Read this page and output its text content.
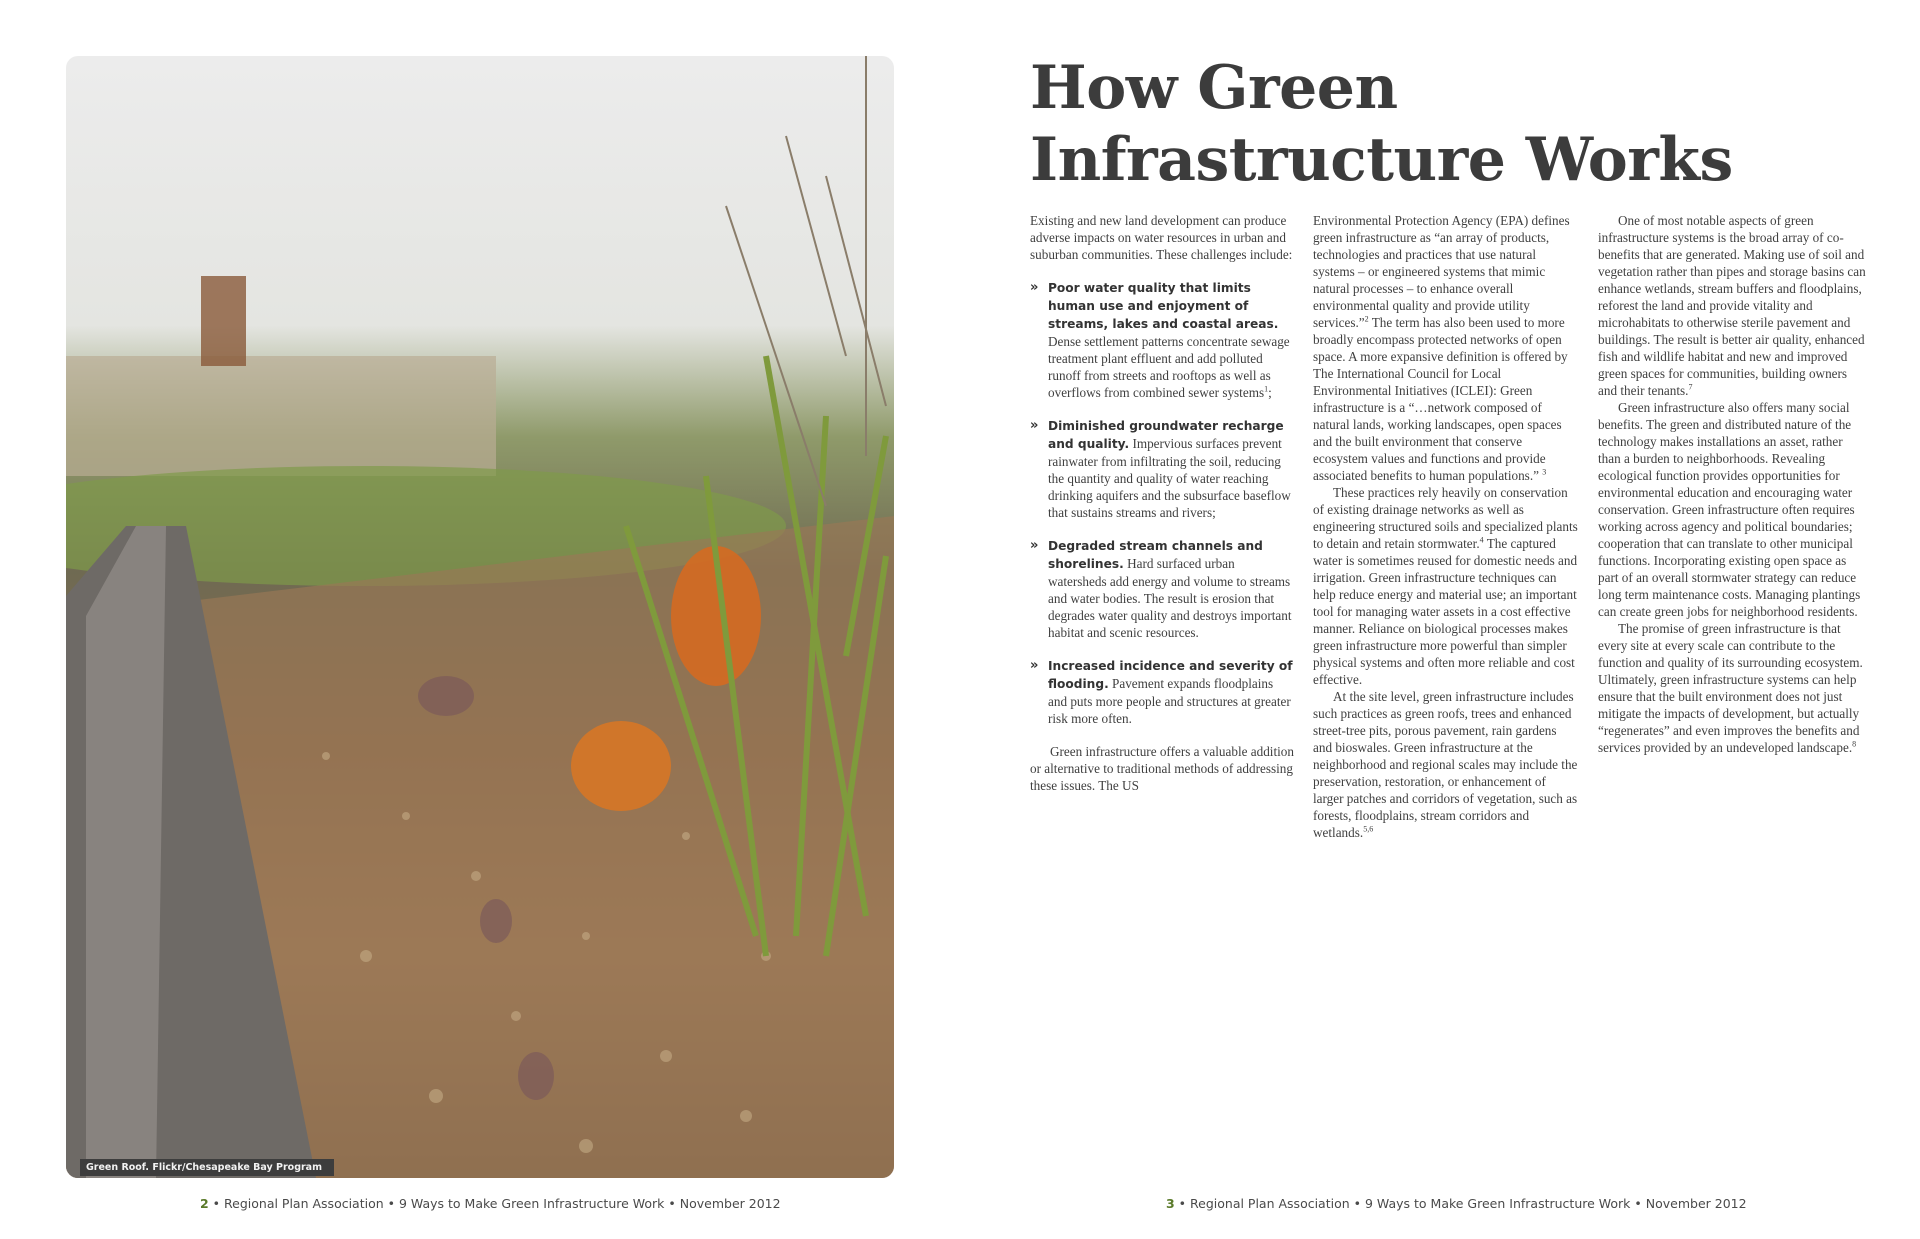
Green Roof. Flickr/Chesapeake Bay Program
How Green Infrastructure Works

Existing and new land development can produce adverse impacts on water resources in urban and suburban communities. These challenges include:

» Poor water quality that limits human use and enjoyment of streams, lakes and coastal areas. Dense settlement patterns concentrate sewage treatment plant effluent and add polluted runoff from streets and rooftops as well as overflows from combined sewer systems$^1$;
» Diminished groundwater recharge and quality. Impervious surfaces prevent rainwater from infiltrating the soil, reducing the quantity and quality of water reaching drinking aquifers and the subsurface baseflow that sustains streams and rivers;
» Degraded stream channels and shorelines. Hard surfaced urban watersheds add energy and volume to streams and water bodies. The result is erosion that degrades water quality and destroys important habitat and scenic resources.
» Increased incidence and severity of flooding. Pavement expands floodplains and puts more people and structures at greater risk more often.

Green infrastructure offers a valuable addition or alternative to traditional methods of addressing these issues. The US

Environmental Protection Agency (EPA) defines green infrastructure as “an array of products, technologies and practices that use natural systems – or engineered systems that mimic natural processes – to enhance overall environmental quality and provide utility services.”$^2$ The term has also been used to more broadly encompass protected networks of open space. A more expansive definition is offered by The International Council for Local Environmental Initiatives (ICLEI): Green infrastructure is a “…network composed of natural lands, working landscapes, open spaces and the built environment that conserve ecosystem values and functions and provide associated benefits to human populations.” $^3$

These practices rely heavily on conservation of existing drainage networks as well as engineering structured soils and specialized plants to detain and retain stormwater.$^4$ The captured water is sometimes reused for domestic needs and irrigation. Green infrastructure techniques can help reduce energy and material use; an important tool for managing water assets in a cost effective manner. Reliance on biological processes makes green infrastructure more powerful than simpler physical systems and often more reliable and cost effective.

At the site level, green infrastructure includes such practices as green roofs, trees and enhanced street-tree pits, porous pavement, rain gardens and bioswales. Green infrastructure at the neighborhood and regional scales may include the preservation, restoration, or enhancement of larger patches and corridors of vegetation, such as forests, floodplains, stream corridors and wetlands.$^{5,6}$

One of most notable aspects of green infrastructure systems is the broad array of co-benefits that are generated. Making use of soil and vegetation rather than pipes and storage basins can enhance wetlands, stream buffers and floodplains, reforest the land and provide vitality and microhabitats to otherwise sterile pavement and buildings. The result is better air quality, enhanced fish and wildlife habitat and new and improved green spaces for communities, building owners and their tenants.$^7$

Green infrastructure also offers many social benefits. The green and distributed nature of the technology makes installations an asset, rather than a burden to neighborhoods. Revealing ecological function provides opportunities for environmental education and encouraging water conservation. Green infrastructure often requires working across agency and political boundaries; cooperation that can translate to other municipal functions. Incorporating existing open space as part of an overall stormwater strategy can reduce long term maintenance costs. Managing plantings can create green jobs for neighborhood residents.

The promise of green infrastructure is that every site at every scale can contribute to the function and quality of its surrounding ecosystem. Ultimately, green infrastructure systems can help ensure that the built environment does not just mitigate the impacts of development, but actually “regenerates” and even improves the benefits and services provided by an undeveloped landscape.$^8$

2 • Regional Plan Association • 9 Ways to Make Green Infrastructure Work • November 2012	3 • Regional Plan Association • 9 Ways to Make Green Infrastructure Work • November 2012
